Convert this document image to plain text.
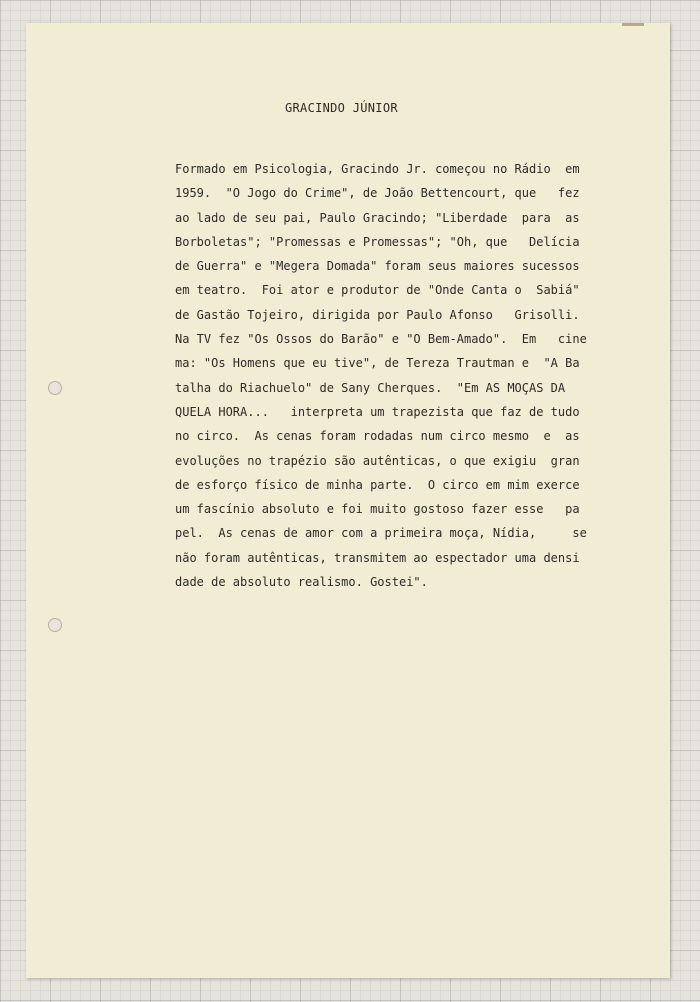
GRACINDO JÚNIOR
Formado em Psicologia, Gracindo Jr. começou no Rádio  em
1959.  "O Jogo do Crime", de João Bettencourt, que   fez
ao lado de seu pai, Paulo Gracindo; "Liberdade  para  as
Borboletas"; "Promessas e Promessas"; "Oh, que   Delícia
de Guerra" e "Megera Domada" foram seus maiores sucessos
em teatro.  Foi ator e produtor de "Onde Canta o  Sabiá"
de Gastão Tojeiro, dirigida por Paulo Afonso   Grisolli.
Na TV fez "Os Ossos do Barão" e "O Bem-Amado".  Em   cine
ma: "Os Homens que eu tive", de Tereza Trautman e  "A Ba
talha do Riachuelo" de Sany Cherques.  "Em AS MOÇAS DA
QUELA HORA...   interpreta um trapezista que faz de tudo
no circo.  As cenas foram rodadas num circo mesmo  e  as
evoluções no trapézio são autênticas, o que exigiu  gran
de esforço físico de minha parte.  O circo em mim exerce
um fascínio absoluto e foi muito gostoso fazer esse   pa
pel.  As cenas de amor com a primeira moça, Nídia,     se
não foram autênticas, transmitem ao espectador uma densi
dade de absoluto realismo. Gostei".
